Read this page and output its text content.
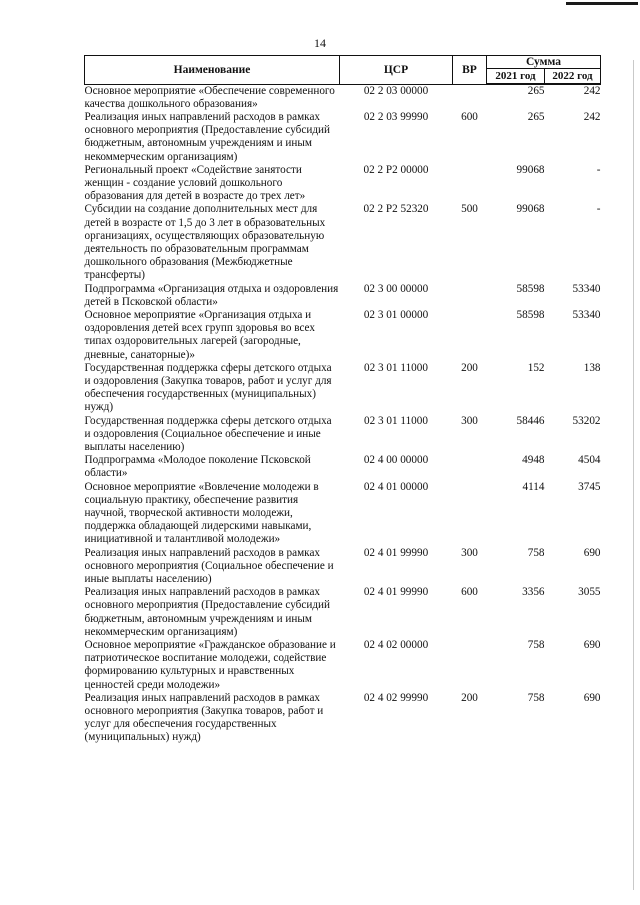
14
Наименование	ЦСР	ВР	Сумма	
			2021 год	2022 год
Основное мероприятие «Обеспечение современного качества дошкольного образования»	02 2 03 00000		265	242
Реализация иных направлений расходов в рамках основного мероприятия (Предоставление субсидий бюджетным, автономным учреждениям и иным некоммерческим организациям)	02 2 03 99990	600	265	242
Региональный проект «Содействие занятости женщин - создание условий дошкольного образования для детей в возрасте до трех лет»	02 2 P2 00000		99068	-
Субсидии на создание дополнительных мест для детей в возрасте от 1,5 до 3 лет в образовательных организациях, осуществляющих образовательную деятельность по образовательным программам дошкольного образования (Межбюджетные трансферты)	02 2 P2 52320	500	99068	-
Подпрограмма «Организация отдыха и оздоровления детей в Псковской области»	02 3 00 00000		58598	53340
Основное мероприятие «Организация отдыха и оздоровления детей всех групп здоровья во всех типах оздоровительных лагерей (загородные, дневные, санаторные)»	02 3 01 00000		58598	53340
Государственная поддержка сферы детского отдыха и оздоровления (Закупка товаров, работ и услуг для обеспечения государственных (муниципальных) нужд)	02 3 01 11000	200	152	138
Государственная поддержка сферы детского отдыха и оздоровления (Социальное обеспечение и иные выплаты населению)	02 3 01 11000	300	58446	53202
Подпрограмма «Молодое поколение Псковской области»	02 4 00 00000		4948	4504
Основное мероприятие «Вовлечение молодежи в социальную практику, обеспечение развития научной, творческой активности молодежи, поддержка обладающей лидерскими навыками, инициативной и талантливой молодежи»	02 4 01 00000		4114	3745
Реализация иных направлений расходов в рамках основного мероприятия (Социальное обеспечение и иные выплаты населению)	02 4 01 99990	300	758	690
Реализация иных направлений расходов в рамках основного мероприятия (Предоставление субсидий бюджетным, автономным учреждениям и иным некоммерческим организациям)	02 4 01 99990	600	3356	3055
Основное мероприятие «Гражданское образование и патриотическое воспитание молодежи, содействие формированию культурных и нравственных ценностей среди молодежи»	02 4 02 00000		758	690
Реализация иных направлений расходов в рамках основного мероприятия (Закупка товаров, работ и услуг для обеспечения государственных (муниципальных) нужд)	02 4 02 99990	200	758	690
